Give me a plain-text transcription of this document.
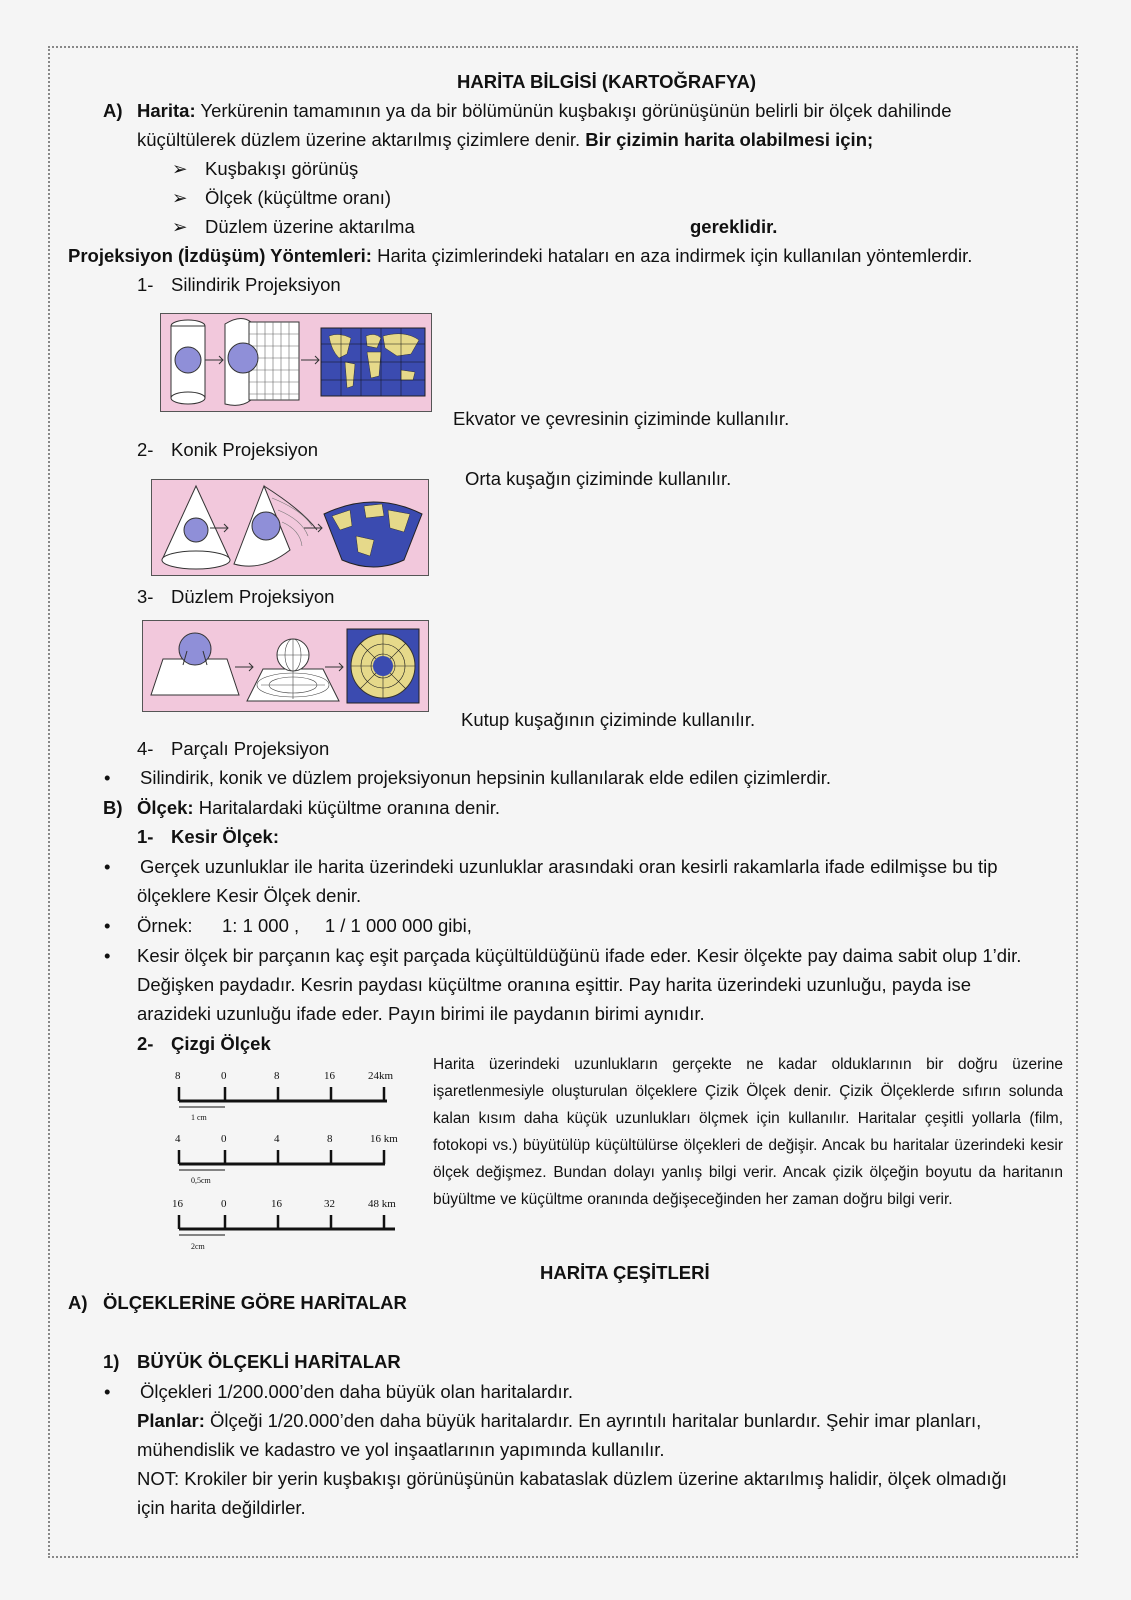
HARİTA BİLGİSİ (KARTOĞRAFYA)
A) Harita: Yerkürenin tamamının ya da bir bölümünün kuşbakışı görünüşünün belirli bir ölçek dahilinde
küçültülerek düzlem üzerine aktarılmış çizimlere denir. Bir çizimin harita olabilmesi için;
➢ Kuşbakışı görünüş
➢ Ölçek (küçültme oranı)
➢ Düzlem üzerine aktarılma	gereklidir.
Projeksiyon (İzdüşüm) Yöntemleri: Harita çizimlerindeki hataları en aza indirmek için kullanılan yöntemlerdir.
1- Silindirik Projeksiyon
Ekvator ve çevresinin çiziminde kullanılır.
2- Konik Projeksiyon
Orta kuşağın çiziminde kullanılır.
3- Düzlem Projeksiyon
Kutup kuşağının çiziminde kullanılır.
4- Parçalı Projeksiyon
• Silindirik, konik ve düzlem projeksiyonun hepsinin kullanılarak elde edilen çizimlerdir.
B) Ölçek: Haritalardaki küçültme oranına denir.
1- Kesir Ölçek:
• Gerçek uzunluklar ile harita üzerindeki uzunluklar arasındaki oran kesirli rakamlarla ifade edilmişse bu tip
ölçeklere Kesir Ölçek denir.
• Örnek: 1: 1 000 ,     1 / 1 000 000 gibi,
• Kesir ölçek bir parçanın kaç eşit parçada küçültüldüğünü ifade eder. Kesir ölçekte pay daima sabit olup 1’dir.
Değişken paydadır. Kesrin paydası küçültme oranına eşittir. Pay harita üzerindeki uzunluğu, payda ise
arazideki uzunluğu ifade eder. Payın birimi ile paydanın birimi aynıdır.
2- Çizgi Ölçek
8	0	8	16	24km
1 cm
4	0	4	8	16 km
0,5cm
16	0	16	32	48 km
2cm
Harita üzerindeki uzunlukların gerçekte ne kadar olduklarının bir doğru üzerine işaretlenmesiyle oluşturulan ölçeklere Çizik Ölçek denir. Çizik Ölçeklerde sıfırın solunda kalan kısım daha küçük uzunlukları ölçmek için kullanılır. Haritalar çeşitli yollarla (film, fotokopi vs.) büyütülüp küçültülürse ölçekleri de değişir. Ancak bu haritalar üzerindeki kesir ölçek değişmez. Bundan dolayı yanlış bilgi verir. Ancak çizik ölçeğin boyutu da haritanın büyültme ve küçültme oranında değişeceğinden her zaman doğru bilgi verir.
HARİTA ÇEŞİTLERİ
A) ÖLÇEKLERİNE GÖRE HARİTALAR
1) BÜYÜK ÖLÇEKLİ HARİTALAR
• Ölçekleri 1/200.000’den daha büyük olan haritalardır.
Planlar: Ölçeği 1/20.000’den daha büyük haritalardır. En ayrıntılı haritalar bunlardır. Şehir imar planları,
mühendislik ve kadastro ve yol inşaatlarının yapımında kullanılır.
NOT: Krokiler bir yerin kuşbakışı görünüşünün kabataslak düzlem üzerine aktarılmış halidir, ölçek olmadığı
için harita değildirler.
